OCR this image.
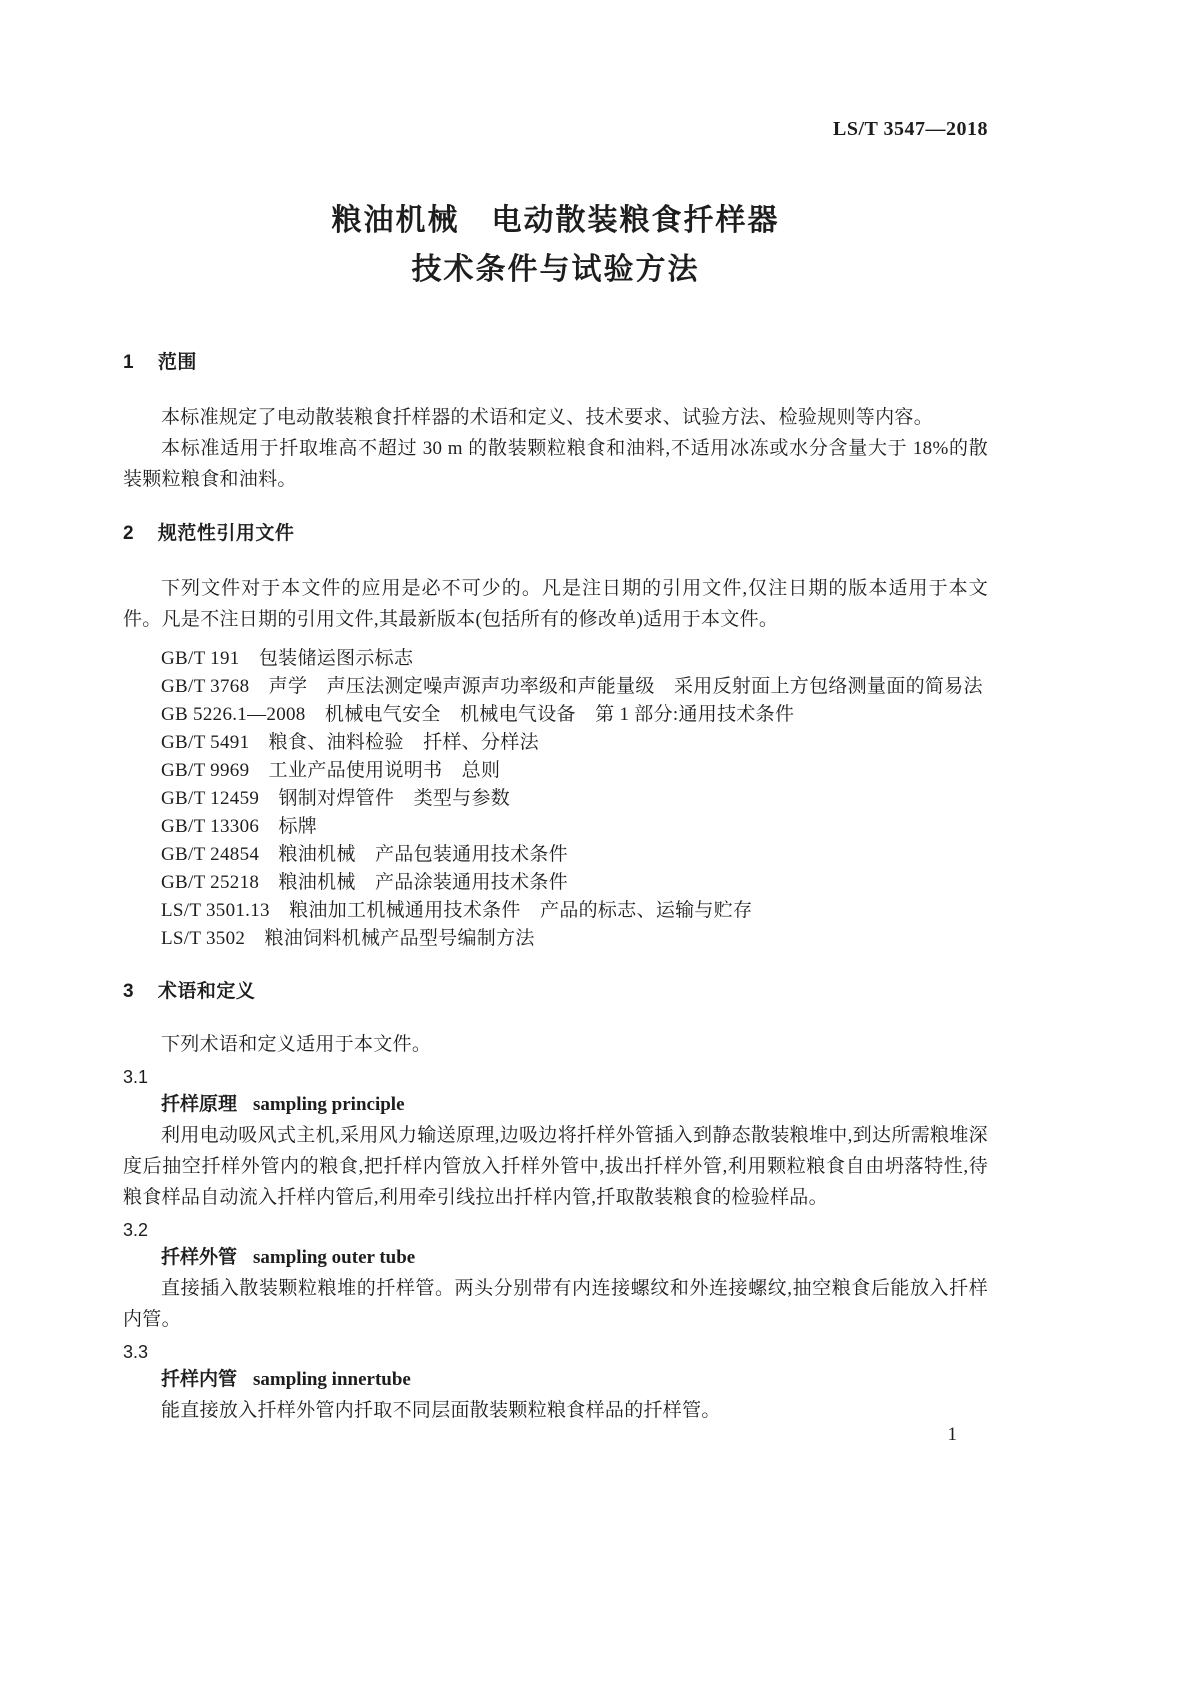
LS/T 3547—2018
粮油机械　电动散装粮食扦样器
技术条件与试验方法
1 范围

本标准规定了电动散装粮食扦样器的术语和定义、技术要求、试验方法、检验规则等内容。

本标准适用于扦取堆高不超过 30 m 的散装颗粒粮食和油料,不适用冰冻或水分含量大于 18%的散装颗粒粮食和油料。

2 规范性引用文件

下列文件对于本文件的应用是必不可少的。凡是注日期的引用文件,仅注日期的版本适用于本文件。凡是不注日期的引用文件,其最新版本(包括所有的修改单)适用于本文件。

GB/T 191　包装储运图示标志

GB/T 3768　声学　声压法测定噪声源声功率级和声能量级　采用反射面上方包络测量面的简易法

GB 5226.1—2008　机械电气安全　机械电气设备　第 1 部分:通用技术条件

GB/T 5491　粮食、油料检验　扦样、分样法

GB/T 9969　工业产品使用说明书　总则

GB/T 12459　钢制对焊管件　类型与参数

GB/T 13306　标牌

GB/T 24854　粮油机械　产品包装通用技术条件

GB/T 25218　粮油机械　产品涂装通用技术条件

LS/T 3501.13　粮油加工机械通用技术条件　产品的标志、运输与贮存

LS/T 3502　粮油饲料机械产品型号编制方法

3 术语和定义

下列术语和定义适用于本文件。

3.1

扦样原理 sampling principle

利用电动吸风式主机,采用风力输送原理,边吸边将扦样外管插入到静态散装粮堆中,到达所需粮堆深度后抽空扦样外管内的粮食,把扦样内管放入扦样外管中,拔出扦样外管,利用颗粒粮食自由坍落特性,待粮食样品自动流入扦样内管后,利用牵引线拉出扦样内管,扦取散装粮食的检验样品。

3.2

扦样外管 sampling outer tube

直接插入散装颗粒粮堆的扦样管。两头分别带有内连接螺纹和外连接螺纹,抽空粮食后能放入扦样内管。

3.3

扦样内管 sampling innertube

能直接放入扦样外管内扦取不同层面散装颗粒粮食样品的扦样管。

1
